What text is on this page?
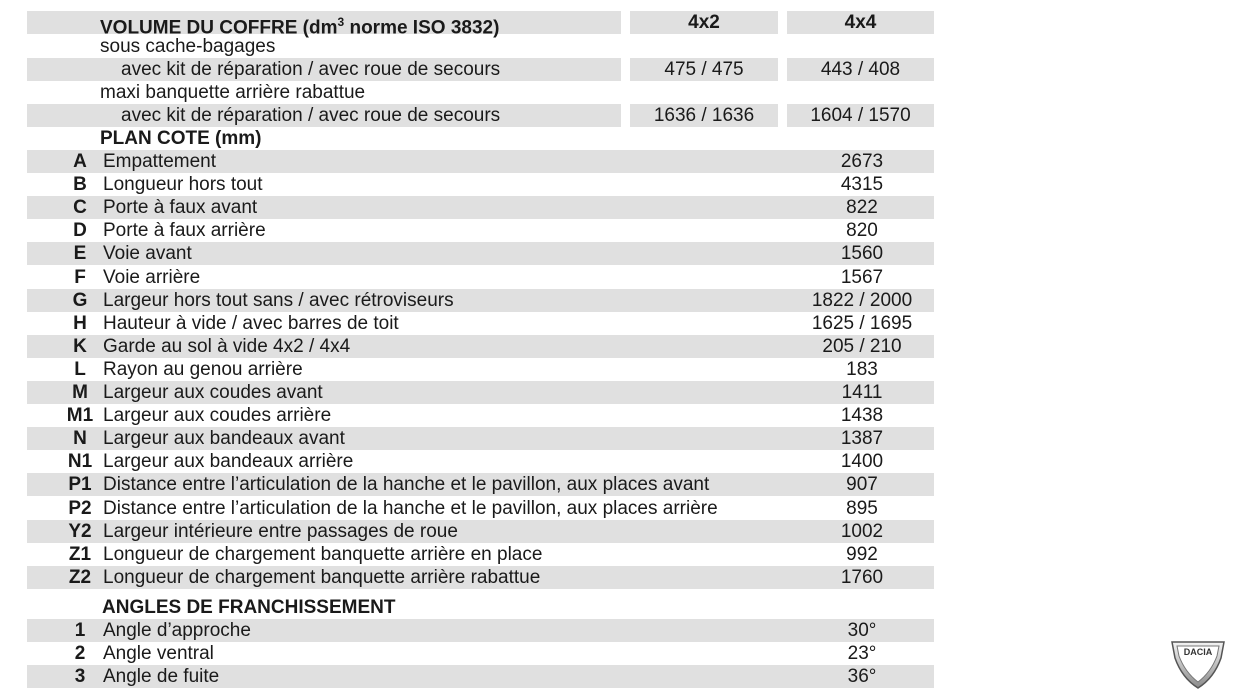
VOLUME DU COFFRE ($dm^3$ norme ISO 3832)	4x2	4x4
sous cache-bagages
avec kit de réparation / avec roue de secours	475 / 475	443 / 408
maxi banquette arrière rabattue
avec kit de réparation / avec roue de secours	1636 / 1636	1604 / 1570
PLAN COTE (mm)
A Empattement	2673
B Longueur hors tout	4315
C Porte à faux avant	822
D Porte à faux arrière	820
E Voie avant	1560
F Voie arrière	1567
G Largeur hors tout sans / avec rétroviseurs	1822 / 2000
H Hauteur à vide / avec barres de toit	1625 / 1695
K Garde au sol à vide 4x2 / 4x4	205 / 210
L Rayon au genou arrière	183
M Largeur aux coudes avant	1411
M1 Largeur aux coudes arrière	1438
N Largeur aux bandeaux avant	1387
N1 Largeur aux bandeaux arrière	1400
P1 Distance entre l’articulation de la hanche et le pavillon, aux places avant	907
P2 Distance entre l’articulation de la hanche et le pavillon, aux places arrière	895
Y2 Largeur intérieure entre passages de roue	1002
Z1 Longueur de chargement banquette arrière en place	992
Z2 Longueur de chargement banquette arrière rabattue	1760
ANGLES DE FRANCHISSEMENT
1 Angle d’approche	30°
2 Angle ventral	23°
3 Angle de fuite	36°
DACIA
